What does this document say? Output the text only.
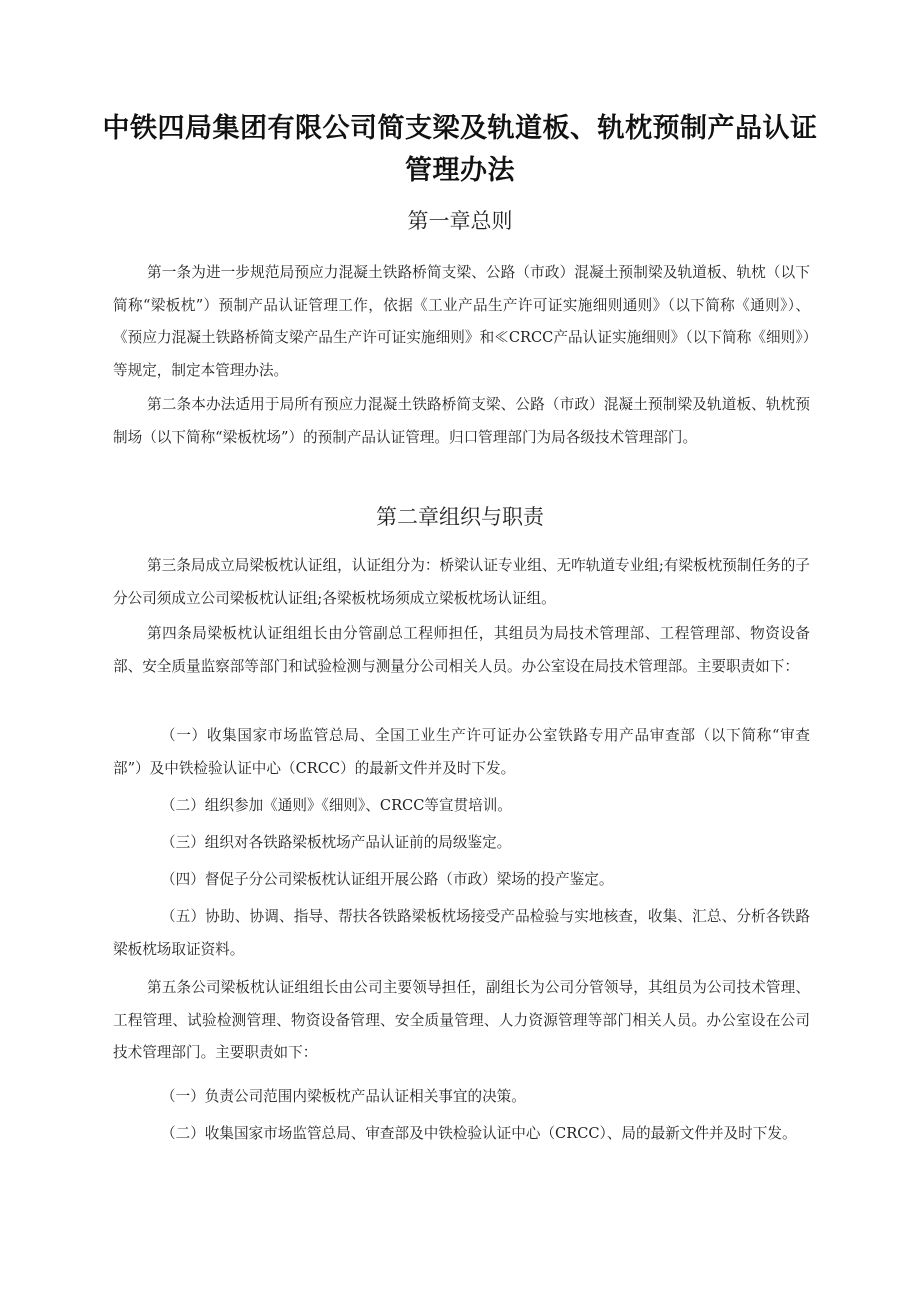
中铁四局集团有限公司简支梁及轨道板、轨枕预制产品认证管理办法
第一章总则

第一条为进一步规范局预应力混凝土铁路桥简支梁、公路（市政）混凝土预制梁及轨道板、轨枕（以下简称“梁板枕”）预制产品认证管理工作，依据《工业产品生产许可证实施细则通则》（以下简称《通则》）、《预应力混凝土铁路桥简支梁产品生产许可证实施细则》和≪CRCC产品认证实施细则》（以下简称《细则》）等规定，制定本管理办法。

第二条本办法适用于局所有预应力混凝土铁路桥简支梁、公路（市政）混凝土预制梁及轨道板、轨枕预制场（以下简称“梁板枕场”）的预制产品认证管理。归口管理部门为局各级技术管理部门。

第二章组织与职责

第三条局成立局梁板枕认证组，认证组分为：桥梁认证专业组、无咋轨道专业组;有梁板枕预制任务的子分公司须成立公司梁板枕认证组;各梁板枕场须成立梁板枕场认证组。

第四条局梁板枕认证组组长由分管副总工程师担任，其组员为局技术管理部、工程管理部、物资设备部、安全质量监察部等部门和试验检测与测量分公司相关人员。办公室设在局技术管理部。主要职责如下：

（一）收集国家市场监管总局、全国工业生产许可证办公室铁路专用产品审查部（以下简称“审查部”）及中铁检验认证中心（CRCC）的最新文件并及时下发。

（二）组织参加《通则》《细则》、CRCC等宣贯培训。

（三）组织对各铁路梁板枕场产品认证前的局级鉴定。

（四）督促子分公司梁板枕认证组开展公路（市政）梁场的投产鉴定。

（五）协助、协调、指导、帮扶各铁路梁板枕场接受产品检验与实地核查，收集、汇总、分析各铁路梁板枕场取证资料。

第五条公司梁板枕认证组组长由公司主要领导担任，副组长为公司分管领导，其组员为公司技术管理、工程管理、试验检测管理、物资设备管理、安全质量管理、人力资源管理等部门相关人员。办公室设在公司技术管理部门。主要职责如下：

（一）负责公司范围内梁板枕产品认证相关事宜的决策。

（二）收集国家市场监管总局、审查部及中铁检验认证中心（CRCC）、局的最新文件并及时下发。
